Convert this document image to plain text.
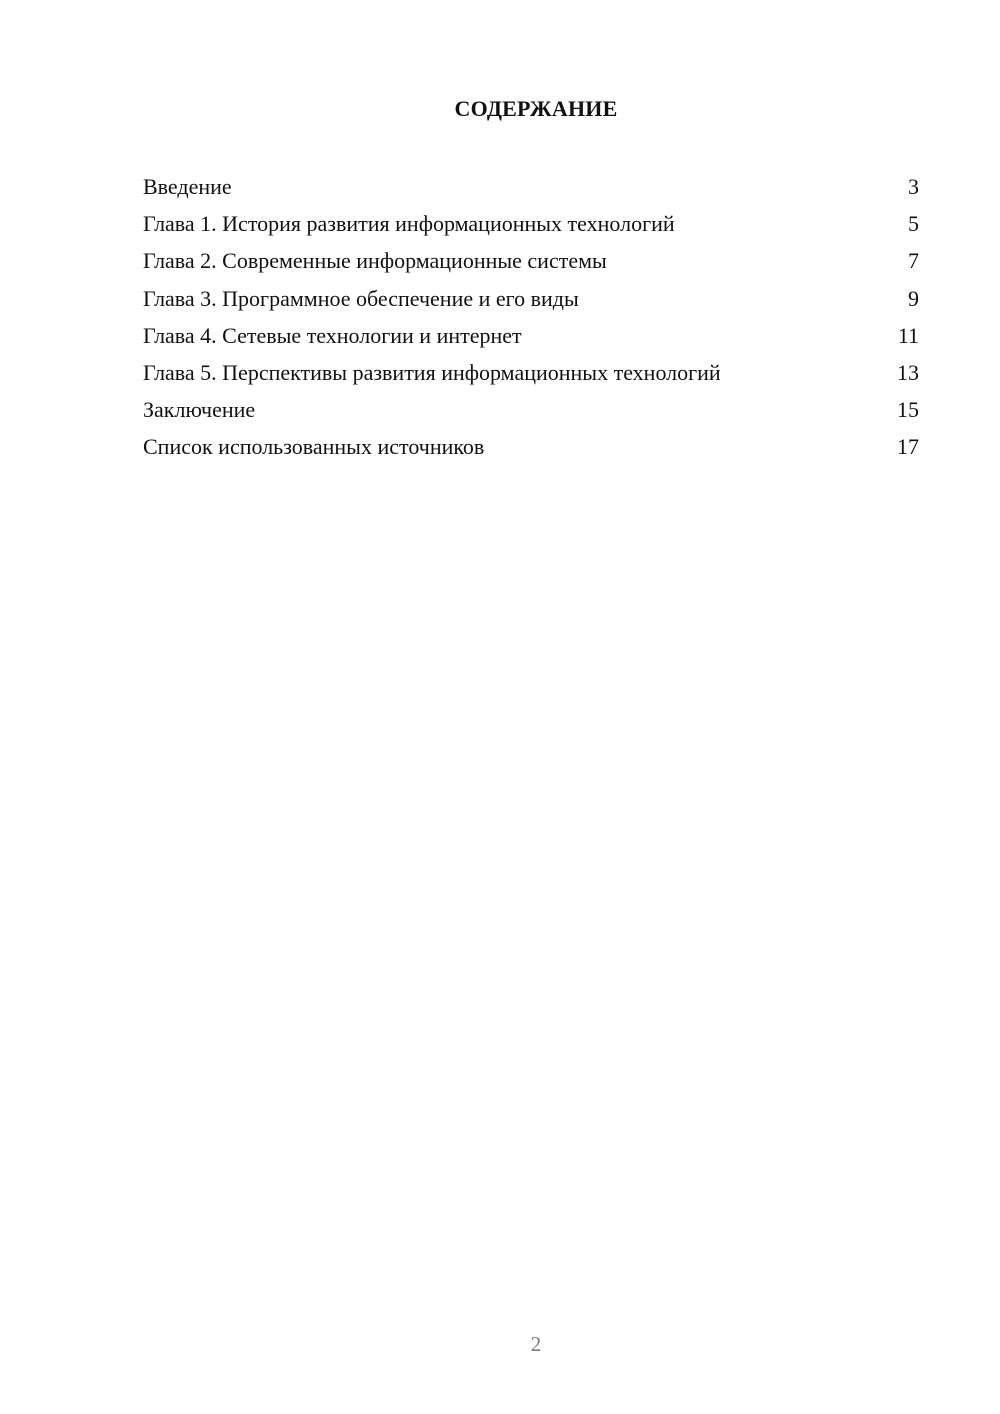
СОДЕРЖАНИЕ
Введение	3
Глава 1. История развития информационных технологий	5
Глава 2. Современные информационные системы	7
Глава 3. Программное обеспечение и его виды	9
Глава 4. Сетевые технологии и интернет	11
Глава 5. Перспективы развития информационных технологий	13
Заключение	15
Список использованных источников	17
2
